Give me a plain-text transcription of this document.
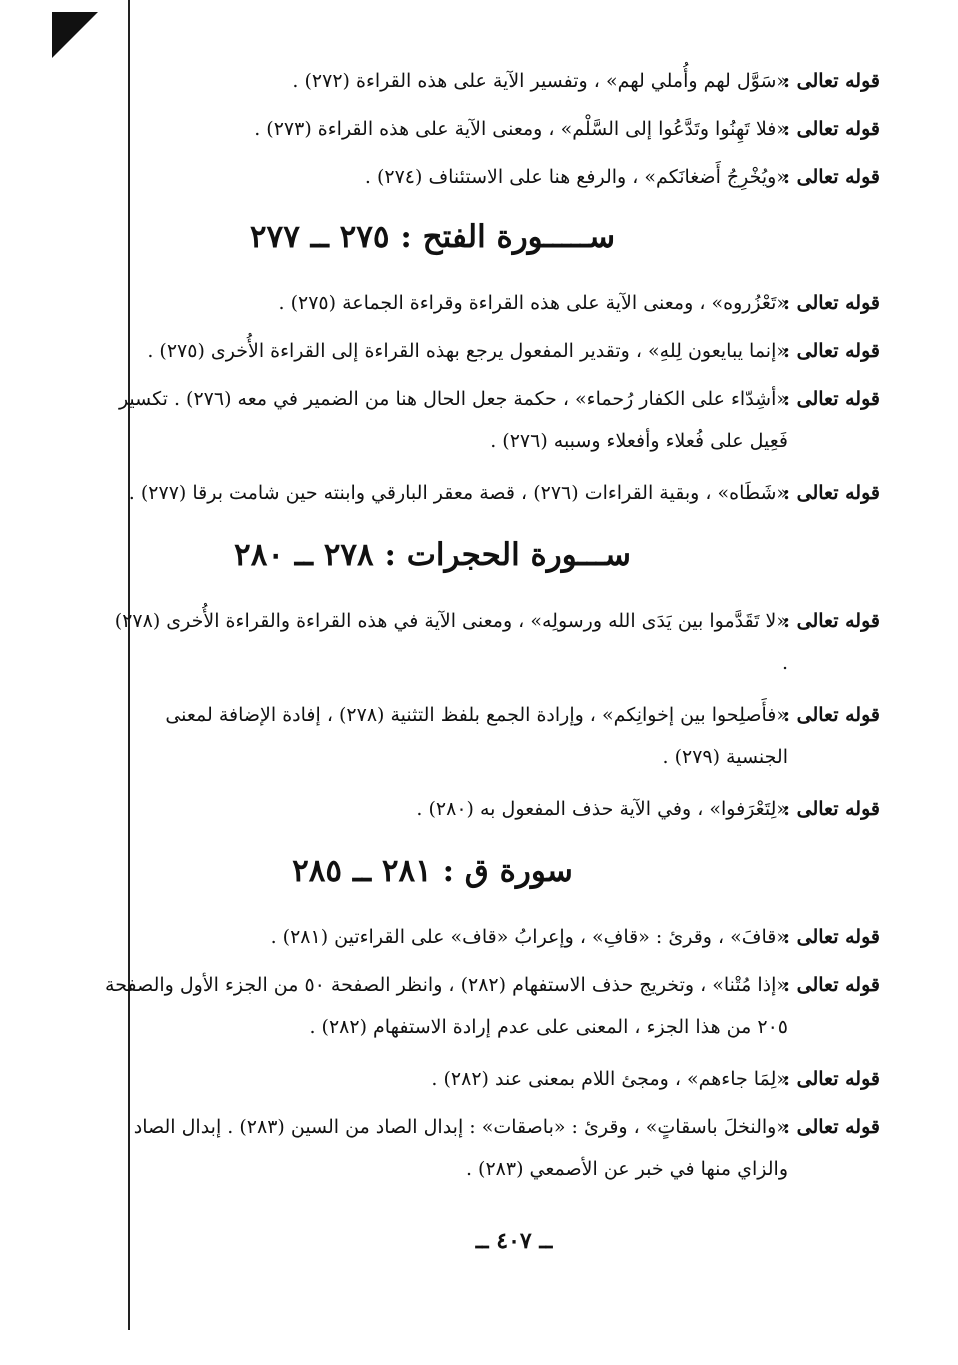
قوله تعالى :
«سَوَّل لهم وأُملي لهم» ، وتفسير الآية على هذه القراءة (٢٧٢) .
قوله تعالى :
«فلا تَهِنُوا وتَدَّعُوا إلى السَّلْم» ، ومعنى الآية على هذه القراءة (٢٧٣) .
قوله تعالى :
«ويُخْرِجُ أَضغانَكم» ، والرفع هنا على الاستئناف (٢٧٤) .
ســـــورة الفتح : ٢٧٥ ــ ٢٧٧
قوله تعالى :
«تَعْزُروه» ، ومعنى الآية على هذه القراءة وقراءة الجماعة (٢٧٥) .
قوله تعالى :
«إنما يبايعون لِلهِ» ، وتقدير المفعول يرجع بهذه القراءة إلى القراءة الأُخرى (٢٧٥) .
قوله تعالى :
«أشِدّاء على الكفار رُحماء» ، حكمة جعل الحال هنا من الضمير في معه (٢٧٦) . تكسير فَعِيل على فُعلاء وأفعلاء وسببه (٢٧٦) .
قوله تعالى :
«شَطَاه» ، وبقية القراءات (٢٧٦) ، قصة معقر البارقي وابنته حين شامت برقا (٢٧٧) .
ســـورة الحجرات : ٢٧٨ ــ ٢٨٠
قوله تعالى :
«لا تَقَدَّموا بين يَدَى الله ورسولِه» ، ومعنى الآية في هذه القراءة والقراءة الأُخرى (٢٧٨) .
قوله تعالى :
«فأَصلِحوا بين إخوانِكم» ، وإرادة الجمع بلفظ التثنية (٢٧٨) ، إفادة الإضافة لمعنى الجنسية (٢٧٩) .
قوله تعالى :
«لِتَعْرَفوا» ، وفي الآية حذف المفعول به (٢٨٠) .
سورة ق : ٢٨١ ــ ٢٨٥
قوله تعالى :
«قافَ» ، وقرئ : «قافِ» ، وإعرابُ «قاف» على القراءتين (٢٨١) .
قوله تعالى :
«إذا مُتْنا» ، وتخريج حذف الاستفهام (٢٨٢) ، وانظر الصفحة ٥٠ من الجزء الأول والصفحة ٢٠٥ من هذا الجزء ، المعنى على عدم إرادة الاستفهام (٢٨٢) .
قوله تعالى :
«لِمَا جاءهم» ، ومجئ اللام بمعنى عند (٢٨٢) .
قوله تعالى :
«والنخلَ باسقاتٍ» ، وقرئ : «باصقات» : إبدال الصاد من السين (٢٨٣) . إبدال الصاد والزاي منها في خبر عن الأصمعي (٢٨٣) .
ــ ٤٠٧ ــ
